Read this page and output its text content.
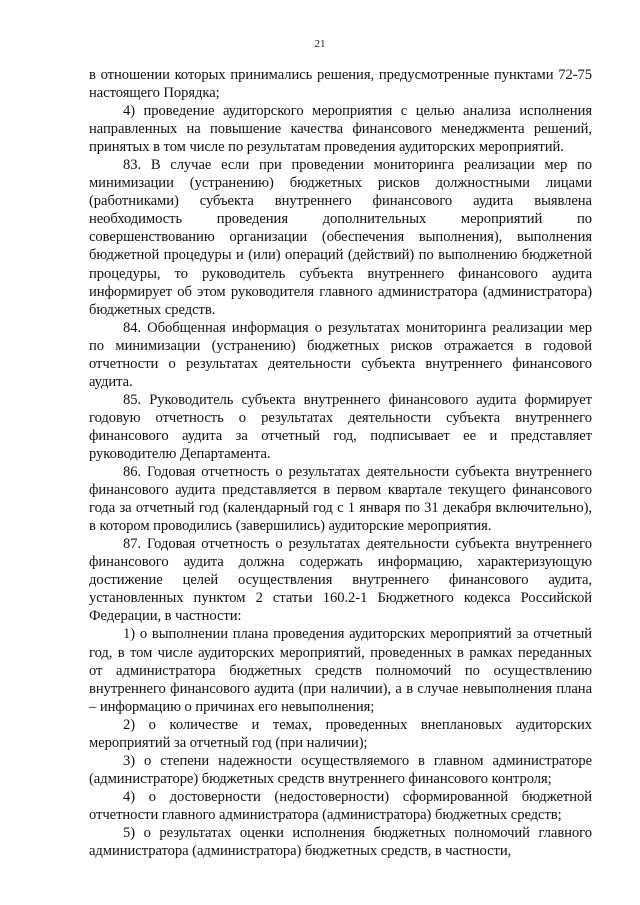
21

в отношении которых принимались решения, предусмотренные пунктами 72-75 настоящего Порядка;

4) проведение аудиторского мероприятия с целью анализа исполнения направленных на повышение качества финансового менеджмента решений, принятых в том числе по результатам проведения аудиторских мероприятий.

83. В случае если при проведении мониторинга реализации мер по минимизации (устранению) бюджетных рисков должностными лицами (работниками) субъекта внутреннего финансового аудита выявлена необходимость проведения дополнительных мероприятий по совершенствованию организации (обеспечения выполнения), выполнения бюджетной процедуры и (или) операций (действий) по выполнению бюджетной процедуры, то руководитель субъекта внутреннего финансового аудита информирует об этом руководителя главного администратора (администратора) бюджетных средств.

84. Обобщенная информация о результатах мониторинга реализации мер по минимизации (устранению) бюджетных рисков отражается в годовой отчетности о результатах деятельности субъекта внутреннего финансового аудита.

85. Руководитель субъекта внутреннего финансового аудита формирует годовую отчетность о результатах деятельности субъекта внутреннего финансового аудита за отчетный год, подписывает ее и представляет руководителю Департамента.

86. Годовая отчетность о результатах деятельности субъекта внутреннего финансового аудита представляется в первом квартале текущего финансового года за отчетный год (календарный год с 1 января по 31 декабря включительно), в котором проводились (завершились) аудиторские мероприятия.

87. Годовая отчетность о результатах деятельности субъекта внутреннего финансового аудита должна содержать информацию, характеризующую достижение целей осуществления внутреннего финансового аудита, установленных пунктом 2 статьи 160.2-1 Бюджетного кодекса Российской Федерации, в частности:

1) о выполнении плана проведения аудиторских мероприятий за отчетный год, в том числе аудиторских мероприятий, проведенных в рамках переданных от администратора бюджетных средств полномочий по осуществлению внутреннего финансового аудита (при наличии), а в случае невыполнения плана – информацию о причинах его невыполнения;

2) о количестве и темах, проведенных внеплановых аудиторских мероприятий за отчетный год (при наличии);

3) о степени надежности осуществляемого в главном администраторе (администраторе) бюджетных средств внутреннего финансового контроля;

4) о достоверности (недостоверности) сформированной бюджетной отчетности главного администратора (администратора) бюджетных средств;

5) о результатах оценки исполнения бюджетных полномочий главного администратора (администратора) бюджетных средств, в частности,
